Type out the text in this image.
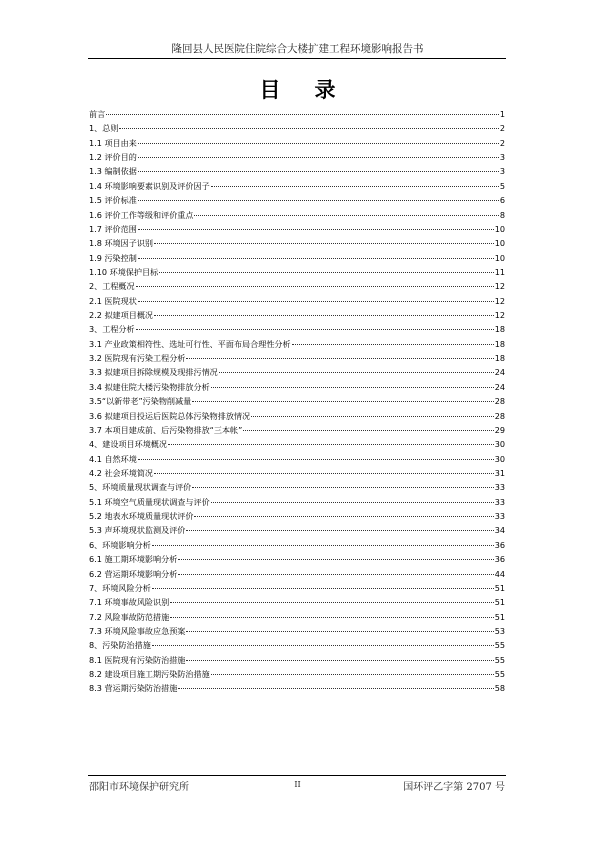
隆回县人民医院住院综合大楼扩建工程环境影响报告书
目 录
前言	1
1、总则	2
1.1 项目由来	2
1.2 评价目的	3
1.3 编制依据	3
1.4 环境影响要素识别及评价因子	5
1.5 评价标准	6
1.6 评价工作等级和评价重点	8
1.7 评价范围	10
1.8 环境因子识别	10
1.9 污染控制	10
1.10 环境保护目标	11
2、工程概况	12
2.1 医院现状	12
2.2 拟建项目概况	12
3、工程分析	18
3.1 产业政策相符性、选址可行性、平面布局合理性分析	18
3.2 医院现有污染工程分析	18
3.3 拟建项目拆除规模及现排污情况	24
3.4 拟建住院大楼污染物排放分析	24
3.5“以新带老”污染物削减量	28
3.6 拟建项目投运后医院总体污染物排放情况	28
3.7 本项目建成前、后污染物排放“三本帐”	29
4、建设项目环境概况	30
4.1 自然环境	30
4.2 社会环境简况	31
5、环境质量现状调查与评价	33
5.1 环境空气质量现状调查与评价	33
5.2 地表水环境质量现状评价	33
5.3 声环境现状监测及评价	34
6、环境影响分析	36
6.1 施工期环境影响分析	36
6.2 营运期环境影响分析	44
7、环境风险分析	51
7.1 环境事故风险识别	51
7.2 风险事故防范措施	51
7.3 环境风险事故应急预案	53
8、污染防治措施	55
8.1 医院现有污染防治措施	55
8.2 建设项目施工期污染防治措施	55
8.3 营运期污染防治措施	58
邵阳市环境保护研究所	II	国环评乙字第 2707 号
